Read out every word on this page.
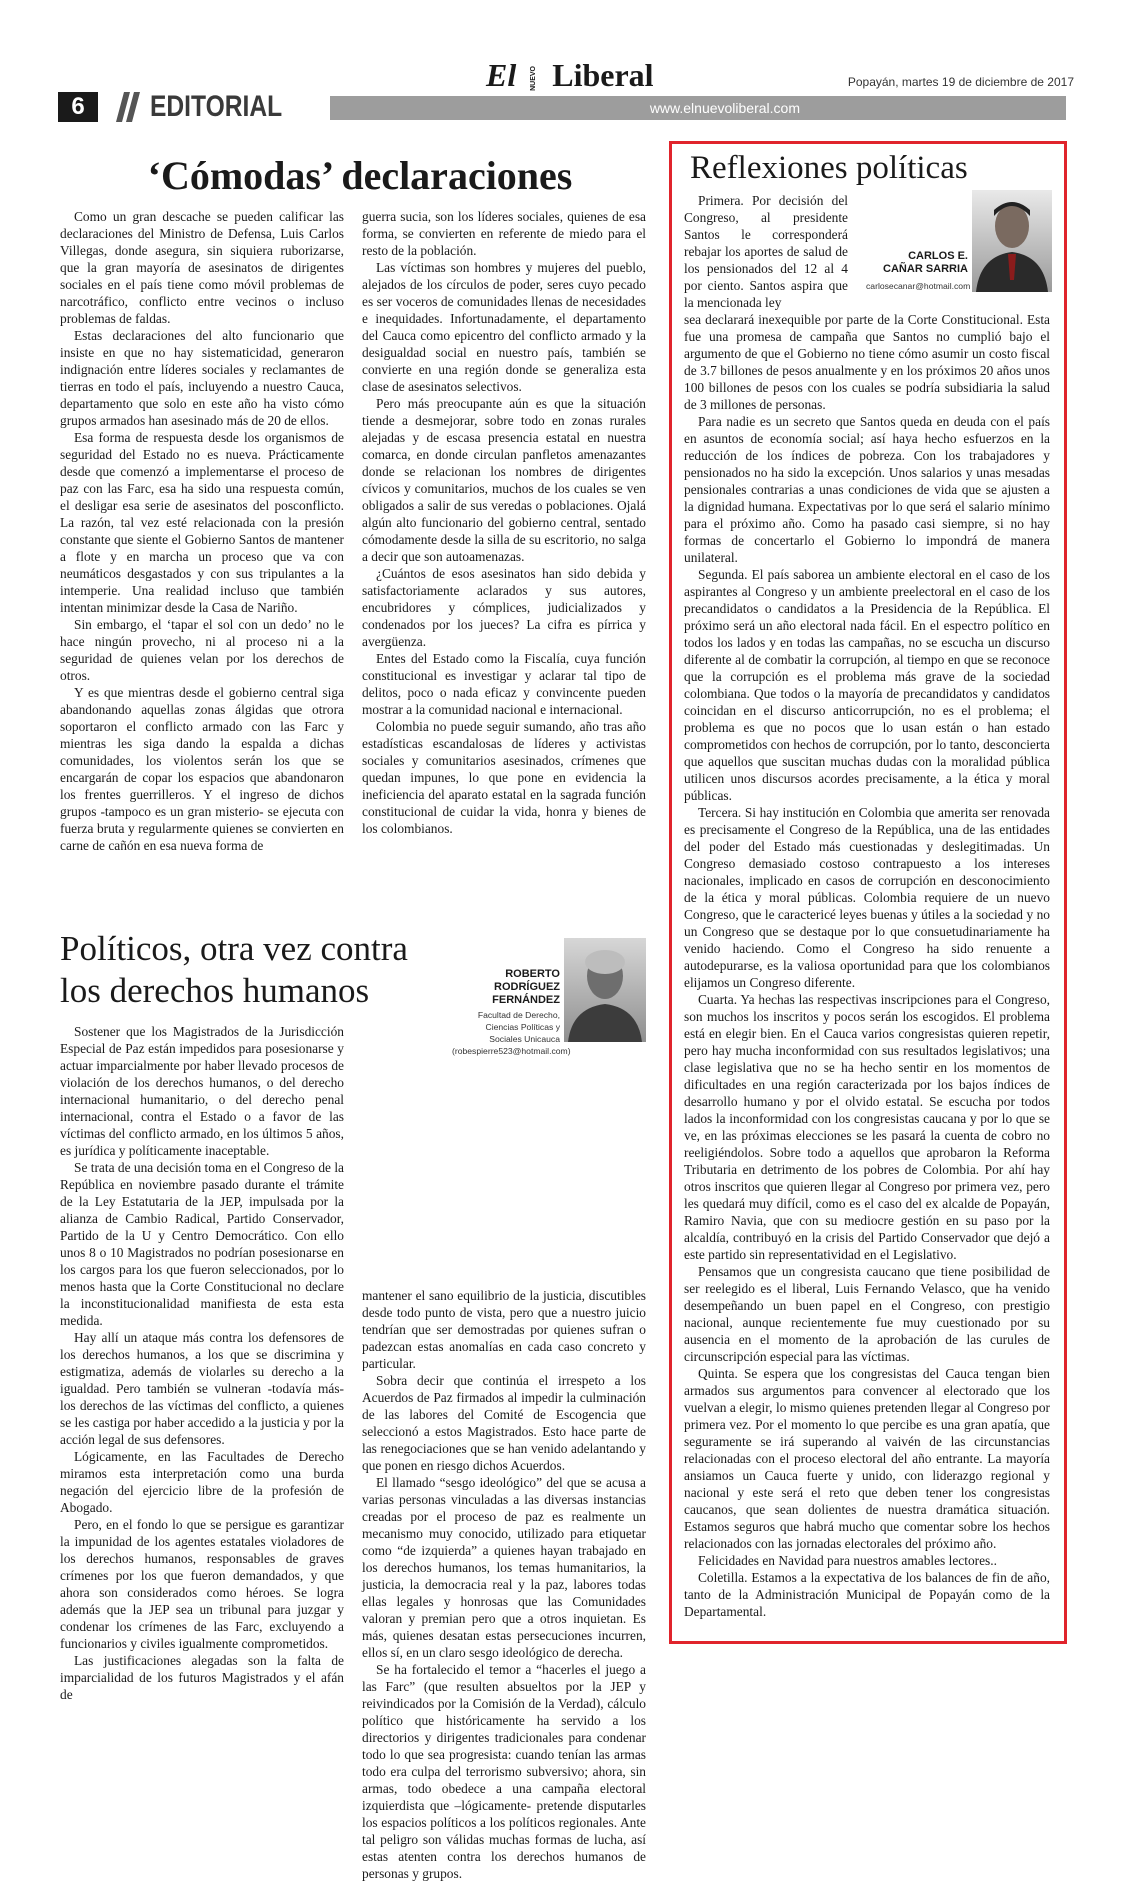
6	EDITORIAL	www.elnuevoliberal.com
El NUEVO Liberal	Popayán, martes 19 de diciembre de 2017
‘Cómodas’ declaraciones

Como un gran descache se pueden calificar las declaraciones del Ministro de Defensa, Luis Carlos Villegas, donde asegura, sin siquiera ruborizarse, que la gran mayoría de asesinatos de dirigentes sociales en el país tiene como móvil problemas de narcotráfico, conflicto entre vecinos o incluso problemas de faldas.

Estas declaraciones del alto funcionario que insiste en que no hay sistematicidad, generaron indignación entre líderes sociales y reclamantes de tierras en todo el país, incluyendo a nuestro Cauca, departamento que solo en este año ha visto cómo grupos armados han asesinado más de 20 de ellos.

Esa forma de respuesta desde los organismos de seguridad del Estado no es nueva. Prácticamente desde que comenzó a implementarse el proceso de paz con las Farc, esa ha sido una respuesta común, el desligar esa serie de asesinatos del posconflicto. La razón, tal vez esté relacionada con la presión constante que siente el Gobierno Santos de mantener a flote y en marcha un proceso que va con neumáticos desgastados y con sus tripulantes a la intemperie. Una realidad incluso que también intentan minimizar desde la Casa de Nariño.

Sin embargo, el ‘tapar el sol con un dedo’ no le hace ningún provecho, ni al proceso ni a la seguridad de quienes velan por los derechos de otros.

Y es que mientras desde el gobierno central siga abandonando aquellas zonas álgidas que otrora soportaron el conflicto armado con las Farc y mientras les siga dando la espalda a dichas comunidades, los violentos serán los que se encargarán de copar los espacios que abandonaron los frentes guerrilleros. Y el ingreso de dichos grupos -tampoco es un gran misterio- se ejecuta con fuerza bruta y regularmente quienes se convierten en carne de cañón en esa nueva forma de

guerra sucia, son los líderes sociales, quienes de esa forma, se convierten en referente de miedo para el resto de la población.

Las víctimas son hombres y mujeres del pueblo, alejados de los círculos de poder, seres cuyo pecado es ser voceros de comunidades llenas de necesidades e inequidades. Infortunadamente, el departamento del Cauca como epicentro del conflicto armado y la desigualdad social en nuestro país, también se convierte en una región donde se generaliza esta clase de asesinatos selectivos.

Pero más preocupante aún es que la situación tiende a desmejorar, sobre todo en zonas rurales alejadas y de escasa presencia estatal en nuestra comarca, en donde circulan panfletos amenazantes donde se relacionan los nombres de dirigentes cívicos y comunitarios, muchos de los cuales se ven obligados a salir de sus veredas o poblaciones. Ojalá algún alto funcionario del gobierno central, sentado cómodamente desde la silla de su escritorio, no salga a decir que son autoamenazas.

¿Cuántos de esos asesinatos han sido debida y satisfactoriamente aclarados y sus autores, encubridores y cómplices, judicializados y condenados por los jueces? La cifra es pírrica y avergüenza.

Entes del Estado como la Fiscalía, cuya función constitucional es investigar y aclarar tal tipo de delitos, poco o nada eficaz y convincente pueden mostrar a la comunidad nacional e internacional.

Colombia no puede seguir sumando, año tras año estadísticas escandalosas de líderes y activistas sociales y comunitarios asesinados, crímenes que quedan impunes, lo que pone en evidencia la ineficiencia del aparato estatal en la sagrada función constitucional de cuidar la vida, honra y bienes de los colombianos.

Políticos, otra vez contra los derechos humanos	ROBERTO RODRÍGUEZ FERNÁNDEZ
Facultad de Derecho, Ciencias Políticas y Sociales Unicauca (robespierre523@hotmail.com)

Sostener que los Magistrados de la Jurisdicción Especial de Paz están impedidos para posesionarse y actuar imparcialmente por haber llevado procesos de violación de los derechos humanos, o del derecho internacional humanitario, o del derecho penal internacional, contra el Estado o a favor de las víctimas del conflicto armado, en los últimos 5 años, es jurídica y políticamente inaceptable.

Se trata de una decisión toma en el Congreso de la República en noviembre pasado durante el trámite de la Ley Estatutaria de la JEP, impulsada por la alianza de Cambio Radical, Partido Conservador, Partido de la U y Centro Democrático. Con ello unos 8 o 10 Magistrados no podrían posesionarse en los cargos para los que fueron seleccionados, por lo menos hasta que la Corte Constitucional no declare la inconstitucionalidad manifiesta de esta esta medida.

Hay allí un ataque más contra los defensores de los derechos humanos, a los que se discrimina y estigmatiza, además de violarles su derecho a la igualdad. Pero también se vulneran -todavía más- los derechos de las víctimas del conflicto, a quienes se les castiga por haber accedido a la justicia y por la acción legal de sus defensores.

Lógicamente, en las Facultades de Derecho miramos esta interpretación como una burda negación del ejercicio libre de la profesión de Abogado.

Pero, en el fondo lo que se persigue es garantizar la impunidad de los agentes estatales violadores de los derechos humanos, responsables de graves crímenes por los que fueron demandados, y que ahora son considerados como héroes. Se logra además que la JEP sea un tribunal para juzgar y condenar los crímenes de las Farc, excluyendo a funcionarios y civiles igualmente comprometidos.

Las justificaciones alegadas son la falta de imparcialidad de los futuros Magistrados y el afán de

mantener el sano equilibrio de la justicia, discutibles desde todo punto de vista, pero que a nuestro juicio tendrían que ser demostradas por quienes sufran o padezcan estas anomalías en cada caso concreto y particular.

Sobra decir que continúa el irrespeto a los Acuerdos de Paz firmados al impedir la culminación de las labores del Comité de Escogencia que seleccionó a estos Magistrados. Esto hace parte de las renegociaciones que se han venido adelantando y que ponen en riesgo dichos Acuerdos.

El llamado “sesgo ideológico” del que se acusa a varias personas vinculadas a las diversas instancias creadas por el proceso de paz es realmente un mecanismo muy conocido, utilizado para etiquetar como “de izquierda” a quienes hayan trabajado en los derechos humanos, los temas humanitarios, la justicia, la democracia real y la paz, labores todas ellas legales y honrosas que las Comunidades valoran y premian pero que a otros inquietan. Es más, quienes desatan estas persecuciones incurren, ellos sí, en un claro sesgo ideológico de derecha.

Se ha fortalecido el temor a “hacerles el juego a las Farc” (que resulten absueltos por la JEP y reivindicados por la Comisión de la Verdad), cálculo político que históricamente ha servido a los directorios y dirigentes tradicionales para condenar todo lo que sea progresista: cuando tenían las armas todo era culpa del terrorismo subversivo; ahora, sin armas, todo obedece a una campaña electoral izquierdista que –lógicamente- pretende disputarles los espacios políticos a los políticos regionales. Ante tal peligro son válidas muchas formas de lucha, así estas atenten contra los derechos humanos de personas y grupos.

Reflexiones políticas
CARLOS E.
CAÑAR SARRIA
carlosecanar@hotmail.com

Primera. Por decisión del Congreso, al presidente Santos le corresponderá rebajar los aportes de salud de los pensionados del 12 al 4 por ciento. Santos aspira que la mencionada ley

sea declarará inexequible por parte de la Corte Constitucional. Esta fue una promesa de campaña que Santos no cumplió bajo el argumento de que el Gobierno no tiene cómo asumir un costo fiscal de 3.7 billones de pesos anualmente y en los próximos 20 años unos 100 billones de pesos con los cuales se podría subsidiaria la salud de 3 millones de personas.

Para nadie es un secreto que Santos queda en deuda con el país en asuntos de economía social; así haya hecho esfuerzos en la reducción de los índices de pobreza. Con los trabajadores y pensionados no ha sido la excepción. Unos salarios y unas mesadas pensionales contrarias a unas condiciones de vida que se ajusten a la dignidad humana. Expectativas por lo que será el salario mínimo para el próximo año. Como ha pasado casi siempre, si no hay formas de concertarlo el Gobierno lo impondrá de manera unilateral.

Segunda. El país saborea un ambiente electoral en el caso de los aspirantes al Congreso y un ambiente preelectoral en el caso de los precandidatos o candidatos a la Presidencia de la República. El próximo será un año electoral nada fácil. En el espectro político en todos los lados y en todas las campañas, no se escucha un discurso diferente al de combatir la corrupción, al tiempo en que se reconoce que la corrupción es el problema más grave de la sociedad colombiana. Que todos o la mayoría de precandidatos y candidatos coincidan en el discurso anticorrupción, no es el problema; el problema es que no pocos que lo usan están o han estado comprometidos con hechos de corrupción, por lo tanto, desconcierta que aquellos que suscitan muchas dudas con la moralidad pública utilicen unos discursos acordes precisamente, a la ética y moral públicas.

Tercera. Si hay institución en Colombia que amerita ser renovada es precisamente el Congreso de la República, una de las entidades del poder del Estado más cuestionadas y deslegitimadas. Un Congreso demasiado costoso contrapuesto a los intereses nacionales, implicado en casos de corrupción en desconocimiento de la ética y moral públicas. Colombia requiere de un nuevo Congreso, que le caractericé leyes buenas y útiles a la sociedad y no un Congreso que se destaque por lo que consuetudinariamente ha venido haciendo. Como el Congreso ha sido renuente a autodepurarse, es la valiosa oportunidad para que los colombianos elijamos un Congreso diferente.

Cuarta. Ya hechas las respectivas inscripciones para el Congreso, son muchos los inscritos y pocos serán los escogidos. El problema está en elegir bien. En el Cauca varios congresistas quieren repetir, pero hay mucha inconformidad con sus resultados legislativos; una clase legislativa que no se ha hecho sentir en los momentos de dificultades en una región caracterizada por los bajos índices de desarrollo humano y por el olvido estatal. Se escucha por todos lados la inconformidad con los congresistas caucana y por lo que se ve, en las próximas elecciones se les pasará la cuenta de cobro no reeligiéndolos. Sobre todo a aquellos que aprobaron la Reforma Tributaria en detrimento de los pobres de Colombia. Por ahí hay otros inscritos que quieren llegar al Congreso por primera vez, pero les quedará muy difícil, como es el caso del ex alcalde de Popayán, Ramiro Navia, que con su mediocre gestión en su paso por la alcaldía, contribuyó en la crisis del Partido Conservador que dejó a este partido sin representatividad en el Legislativo.

Pensamos que un congresista caucano que tiene posibilidad de ser reelegido es el liberal, Luis Fernando Velasco, que ha venido desempeñando un buen papel en el Congreso, con prestigio nacional, aunque recientemente fue muy cuestionado por su ausencia en el momento de la aprobación de las curules de circunscripción especial para las víctimas.

Quinta. Se espera que los congresistas del Cauca tengan bien armados sus argumentos para convencer al electorado que los vuelvan a elegir, lo mismo quienes pretenden llegar al Congreso por primera vez. Por el momento lo que percibe es una gran apatía, que seguramente se irá superando al vaivén de las circunstancias relacionadas con el proceso electoral del año entrante. La mayoría ansiamos un Cauca fuerte y unido, con liderazgo regional y nacional y este será el reto que deben tener los congresistas caucanos, que sean dolientes de nuestra dramática situación. Estamos seguros que habrá mucho que comentar sobre los hechos relacionados con las jornadas electorales del próximo año.

Felicidades en Navidad para nuestros amables lectores..

Coletilla. Estamos a la expectativa de los balances de fin de año, tanto de la Administración Municipal de Popayán como de la Departamental.
